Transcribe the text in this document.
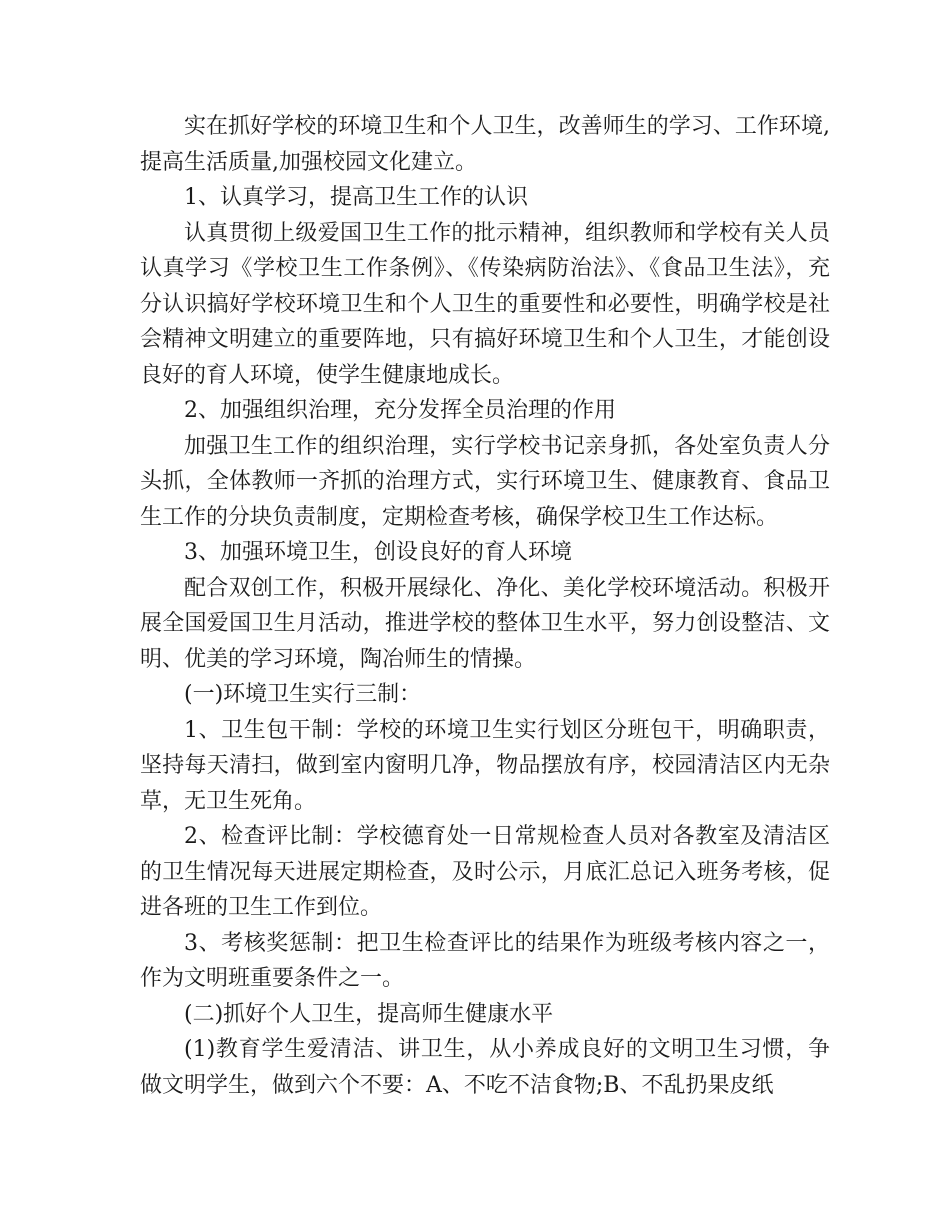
实在抓好学校的环境卫生和个人卫生，改善师生的学习、工作环境,提高生活质量,加强校园文化建立。

1、认真学习，提高卫生工作的认识

认真贯彻上级爱国卫生工作的批示精神，组织教师和学校有关人员认真学习《学校卫生工作条例》、《传染病防治法》、《食品卫生法》，充分认识搞好学校环境卫生和个人卫生的重要性和必要性，明确学校是社会精神文明建立的重要阵地，只有搞好环境卫生和个人卫生，才能创设良好的育人环境，使学生健康地成长。

2、加强组织治理，充分发挥全员治理的作用

加强卫生工作的组织治理，实行学校书记亲身抓，各处室负责人分头抓，全体教师一齐抓的治理方式，实行环境卫生、健康教育、食品卫生工作的分块负责制度，定期检查考核，确保学校卫生工作达标。

3、加强环境卫生，创设良好的育人环境

配合双创工作，积极开展绿化、净化、美化学校环境活动。积极开展全国爱国卫生月活动，推进学校的整体卫生水平，努力创设整洁、文明、优美的学习环境，陶冶师生的情操。

(一)环境卫生实行三制：

1、卫生包干制：学校的环境卫生实行划区分班包干，明确职责，坚持每天清扫，做到室内窗明几净，物品摆放有序，校园清洁区内无杂草，无卫生死角。

2、检查评比制：学校德育处一日常规检查人员对各教室及清洁区的卫生情况每天进展定期检查，及时公示，月底汇总记入班务考核，促进各班的卫生工作到位。

3、考核奖惩制：把卫生检查评比的结果作为班级考核内容之一，作为文明班重要条件之一。

(二)抓好个人卫生，提高师生健康水平

(1)教育学生爱清洁、讲卫生，从小养成良好的文明卫生习惯，争做文明学生，做到六个不要：A、不吃不洁食物;B、不乱扔果皮纸
